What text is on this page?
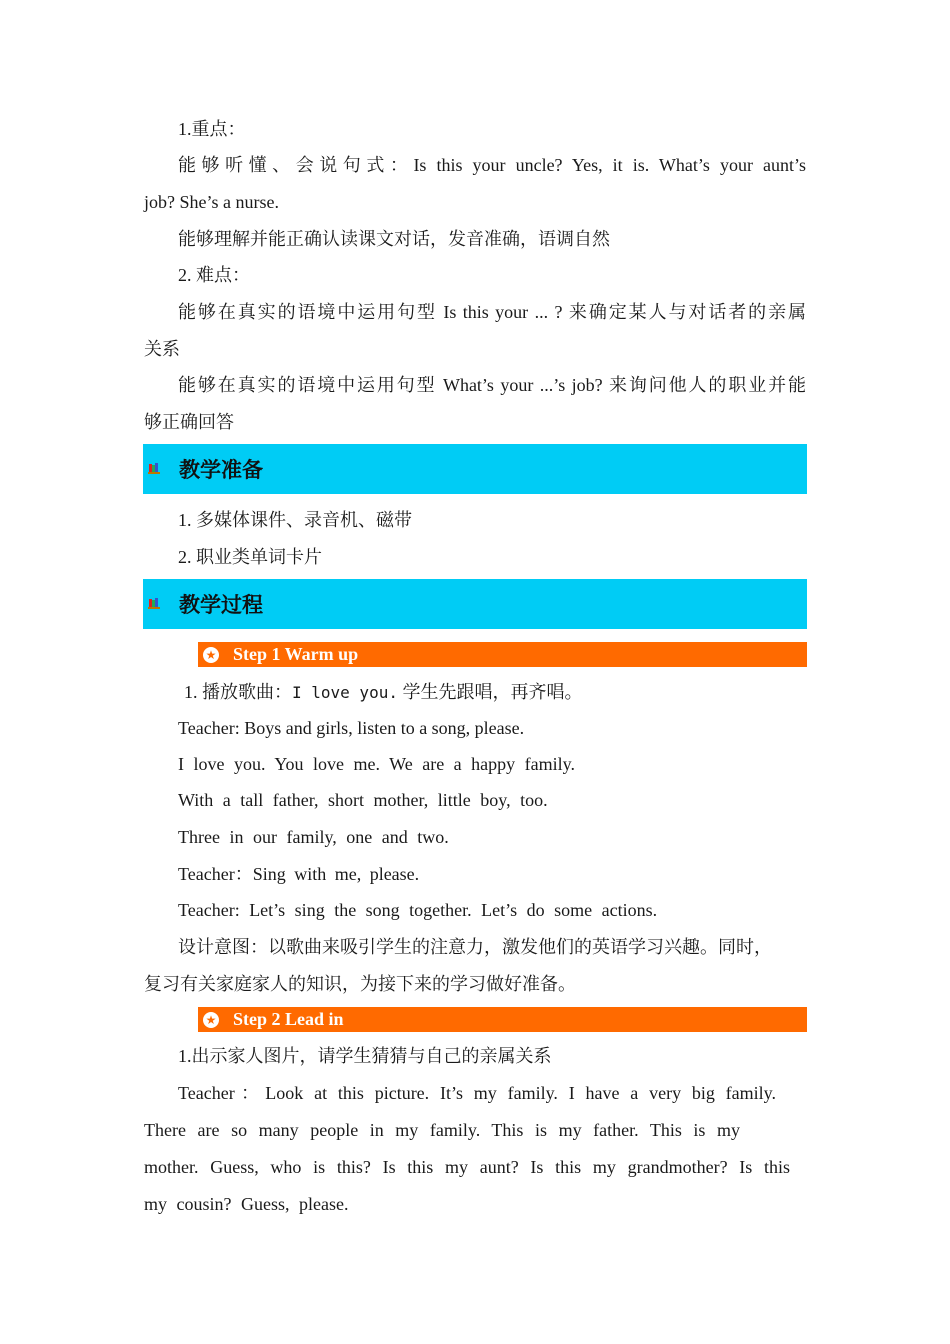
1.重点：
能够听懂、会说句式：Is this your uncle? Yes, it is. What’s your aunt’s
job? She’s a nurse.
能够理解并能正确认读课文对话，发音准确，语调自然
2. 难点：
能够在真实的语境中运用句型 Is this your ... ? 来确定某人与对话者的亲属
关系
能够在真实的语境中运用句型 What’s your ...’s job? 来询问他人的职业并能
够正确回答
教学准备
1. 多媒体课件、录音机、磁带
2. 职业类单词卡片
教学过程
★ Step 1 Warm up
1. 播放歌曲：I love you. 学生先跟唱，再齐唱。
Teacher: Boys and girls, listen to a song, please.
I love you. You love me. We are a happy family.
With a tall father, short mother, little boy, too.
Three in our family, one and two.
Teacher：Sing with me, please.
Teacher: Let’s sing the song together. Let’s do some actions.
设计意图：以歌曲来吸引学生的注意力，激发他们的英语学习兴趣。同时，
复习有关家庭家人的知识，为接下来的学习做好准备。
★ Step 2 Lead in
1.出示家人图片，请学生猜猜与自己的亲属关系
Teacher：Look at this picture. It’s my family. I have a very big family.
There are so many people in my family. This is my father. This is my
mother. Guess, who is this? Is this my aunt? Is this my grandmother? Is this
my cousin? Guess, please.
